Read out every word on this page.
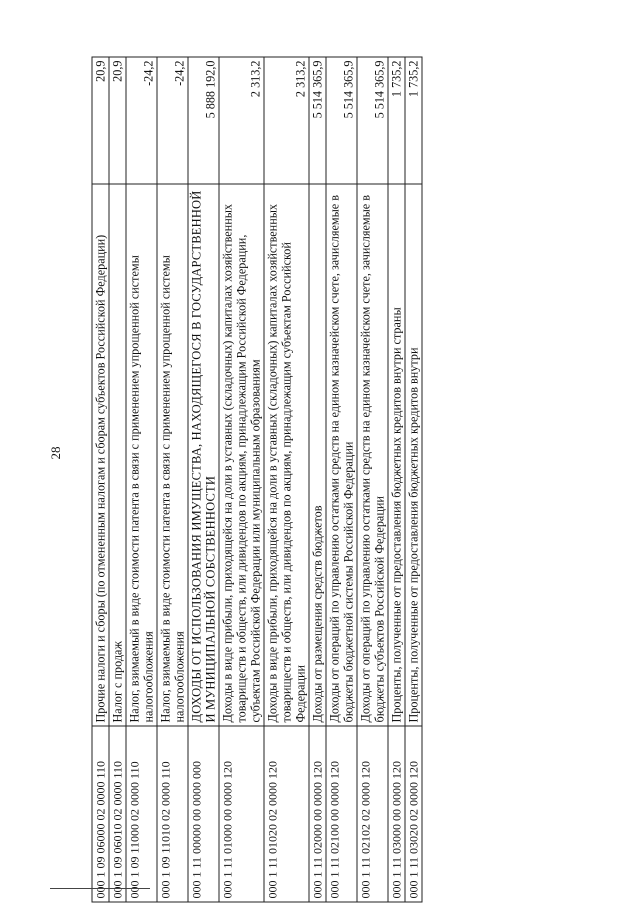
28
000 1 09 06000 02 0000 110	Прочие налоги и сборы (по отмененным налогам и сборам субъектов Российской Федерации)	20,9
000 1 09 06010 02 0000 110	Налог с продаж	20,9
000 1 09 11000 02 0000 110	Налог, взимаемый в виде стоимости патента в связи с применением упрощенной системы налогообложения	-24,2
000 1 09 11010 02 0000 110	Налог, взимаемый в виде стоимости патента в связи с применением упрощенной системы налогообложения	-24,2
000 1 11 00000 00 0000 000	ДОХОДЫ ОТ ИСПОЛЬЗОВАНИЯ ИМУЩЕСТВА, НАХОДЯЩЕГОСЯ В ГОСУДАРСТВЕННОЙ И МУНИЦИПАЛЬНОЙ СОБСТВЕННОСТИ	5 888 192,0
000 1 11 01000 00 0000 120	Доходы в виде прибыли, приходящейся на доли в уставных (складочных) капиталах хозяйственных товариществ и обществ, или дивидендов по акциям, принадлежащим Российской Федерации, субъектам Российской Федерации или муниципальным образованиям	2 313,2
000 1 11 01020 02 0000 120	Доходы в виде прибыли, приходящейся на доли в уставных (складочных) капиталах хозяйственных товариществ и обществ, или дивидендов по акциям, принадлежащим субъектам Российской Федерации	2 313,2
000 1 11 02000 00 0000 120	Доходы от размещения средств бюджетов	5 514 365,9
000 1 11 02100 00 0000 120	Доходы от операций по управлению остатками средств на едином казначейском счете, зачисляемые в бюджеты бюджетной системы Российской Федерации	5 514 365,9
000 1 11 02102 02 0000 120	Доходы от операций по управлению остатками средств на едином казначейском счете, зачисляемые в бюджеты субъектов Российской Федерации	5 514 365,9
000 1 11 03000 00 0000 120	Проценты, полученные от предоставления бюджетных кредитов внутри страны	1 735,2
000 1 11 03020 02 0000 120	Проценты, полученные от предоставления бюджетных кредитов внутри	1 735,2
